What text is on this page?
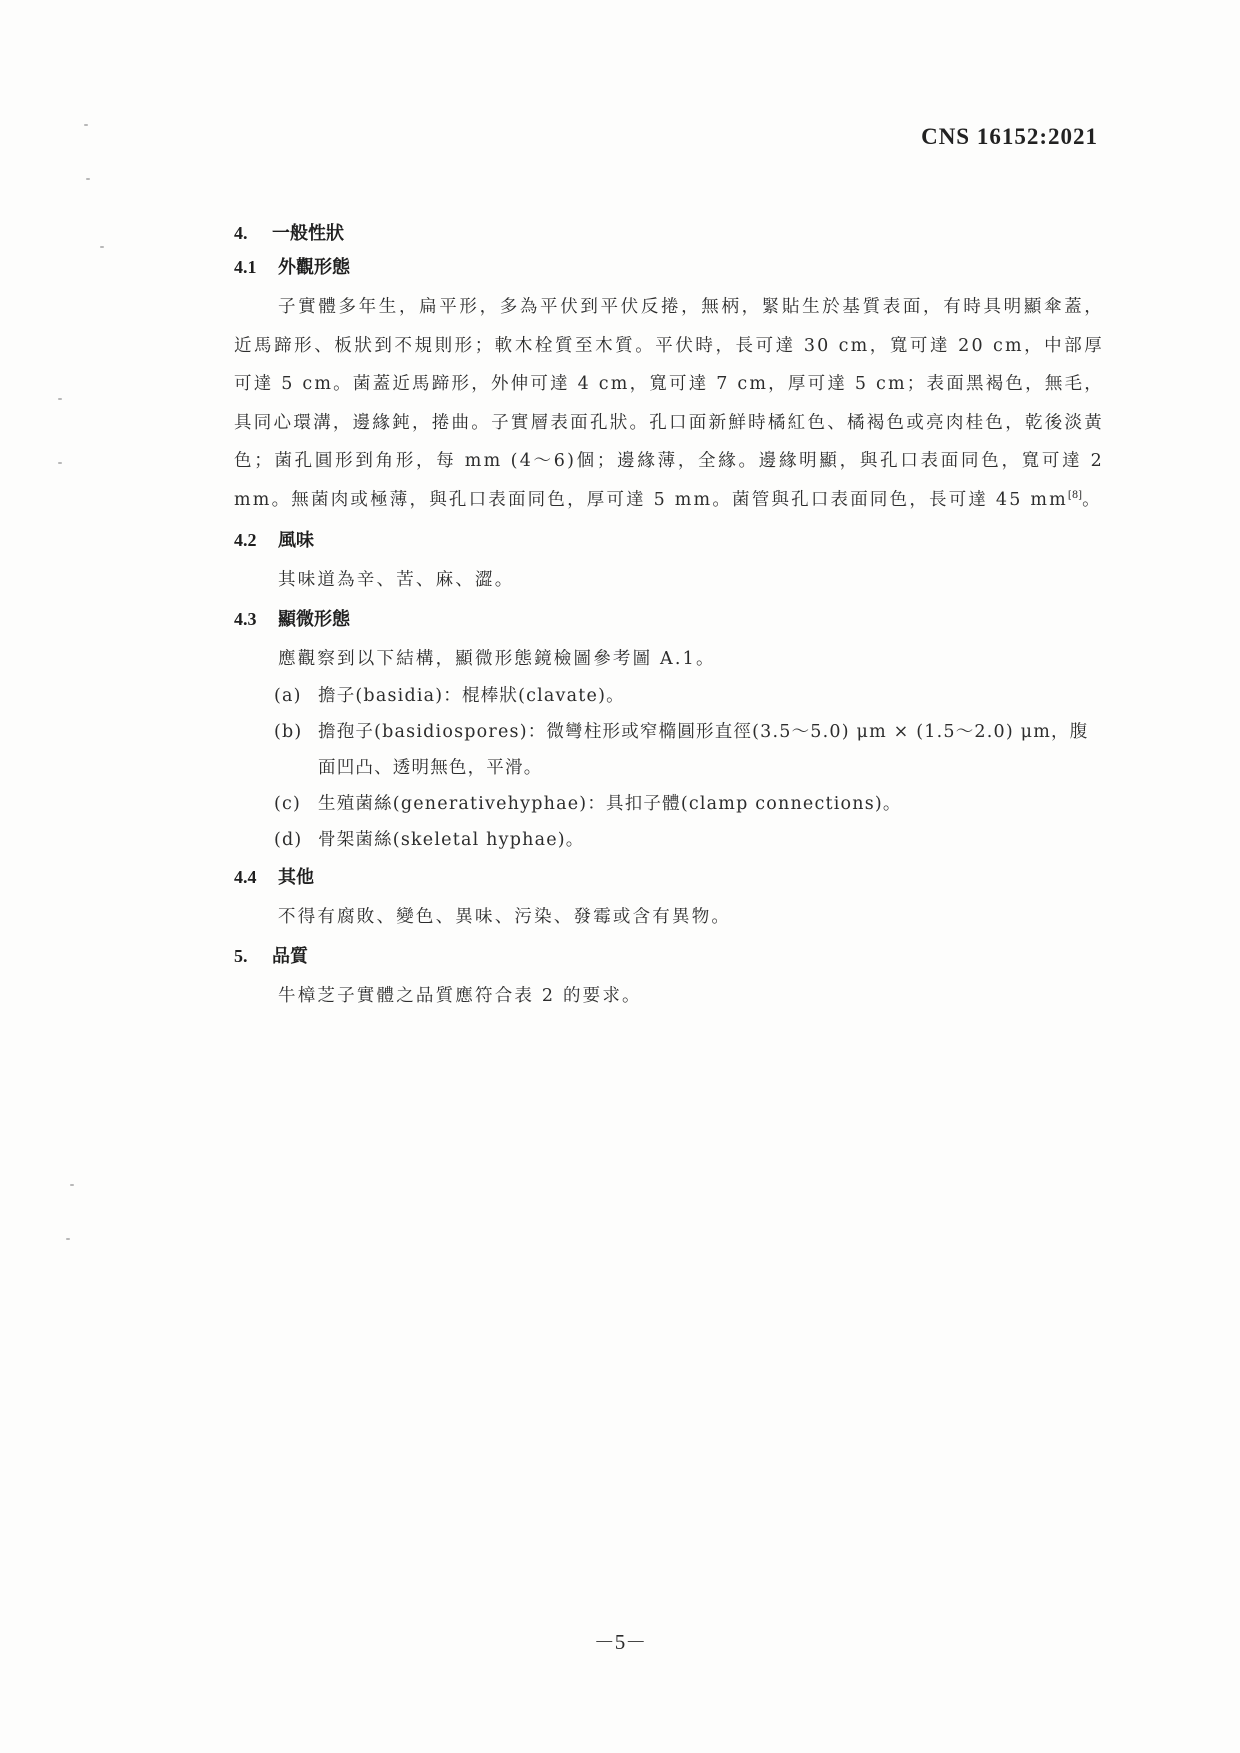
CNS 16152:2021
4. 一般性狀
4.1 外觀形態
子實體多年生，扁平形，多為平伏到平伏反捲，無柄，緊貼生於基質表面，有時具明顯傘蓋，近馬蹄形、板狀到不規則形；軟木栓質至木質。平伏時，長可達 30 cm，寬可達 20 cm，中部厚可達 5 cm。菌蓋近馬蹄形，外伸可達 4 cm，寬可達 7 cm，厚可達 5 cm；表面黑褐色，無毛，具同心環溝，邊緣鈍，捲曲。子實層表面孔狀。孔口面新鮮時橘紅色、橘褐色或亮肉桂色，乾後淡黃色；菌孔圓形到角形，每 mm (4～6)個；邊緣薄，全緣。邊緣明顯，與孔口表面同色，寬可達 2 mm。無菌肉或極薄，與孔口表面同色，厚可達 5 mm。菌管與孔口表面同色，長可達 45 mm[8]。
4.2 風味
其味道為辛、苦、麻、澀。
4.3 顯微形態
應觀察到以下結構，顯微形態鏡檢圖參考圖 A.1。
(a) 擔子(basidia)：棍棒狀(clavate)。
(b) 擔孢子(basidiospores)：微彎柱形或窄橢圓形直徑(3.5～5.0) μm × (1.5～2.0) μm，腹面凹凸、透明無色，平滑。
(c) 生殖菌絲(generativehyphae)：具扣子體(clamp connections)。
(d) 骨架菌絲(skeletal hyphae)。
4.4 其他
不得有腐敗、變色、異味、污染、發霉或含有異物。
5. 品質
牛樟芝子實體之品質應符合表 2 的要求。
－5－
